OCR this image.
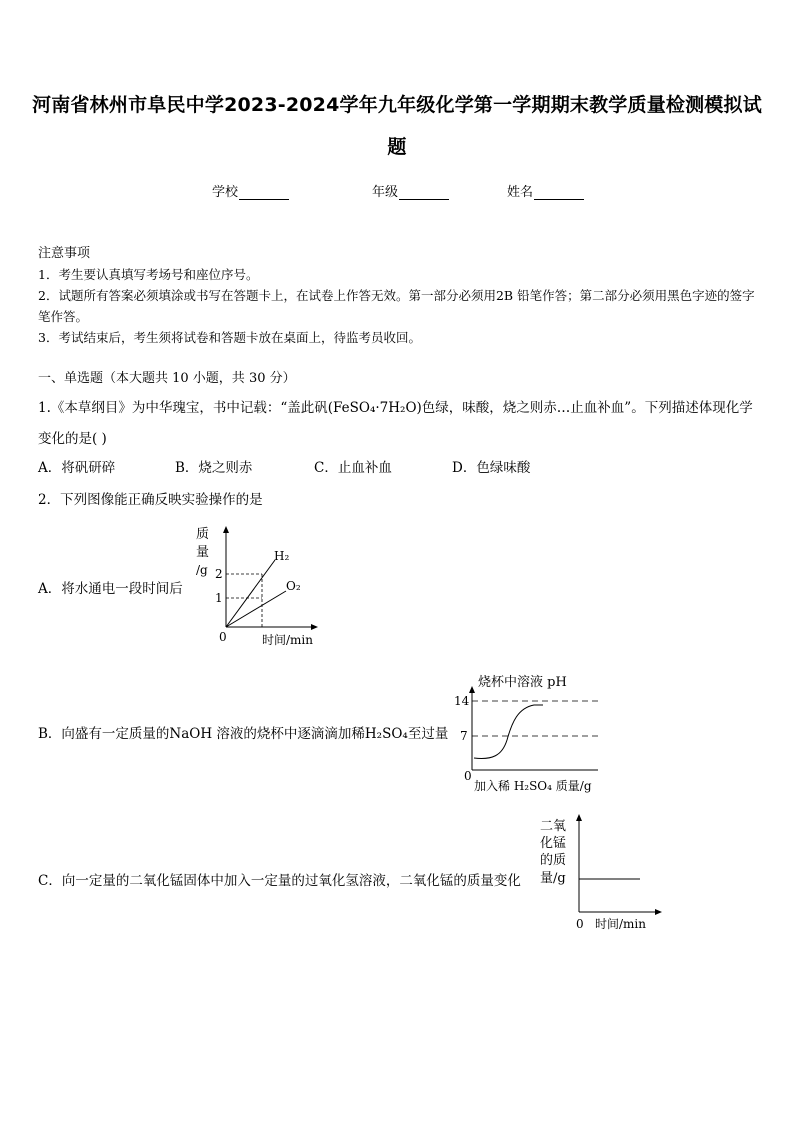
河南省林州市阜民中学2023-2024学年九年级化学第一学期期末教学质量检测模拟试
题
学校	年级	姓名
注意事项
1．考生要认真填写考场号和座位序号。
2．试题所有答案必须填涂或书写在答题卡上，在试卷上作答无效。第一部分必须用2B 铅笔作答；第二部分必须用黑色字迹的签字笔作答。
3．考试结束后，考生须将试卷和答题卡放在桌面上，待监考员收回。
一、单选题（本大题共 10 小题，共 30 分）
1.《本草纲目》为中华瑰宝，书中记载：“盖此矾(FeSO₄·7H₂O)色绿，味酸，烧之则赤…止血补血”。下列描述体现化学变化的是( )
A．将矾研碎	B．烧之则赤	C．止血补血	D．色绿味酸
2．下列图像能正确反映实验操作的是
A．将水通电一段时间后
质
量
/g 2
1
H₂
O₂
0	时间/min
B．向盛有一定质量的NaOH 溶液的烧杯中逐滴滴加稀H₂SO₄至过量
烧杯中溶液 pH
14
7
0
加入稀 H₂SO₄ 质量/g
C．向一定量的二氧化锰固体中加入一定量的过氧化氢溶液，二氧化锰的质量变化
二氧
化锰
的质
量/g
0 时间/min
